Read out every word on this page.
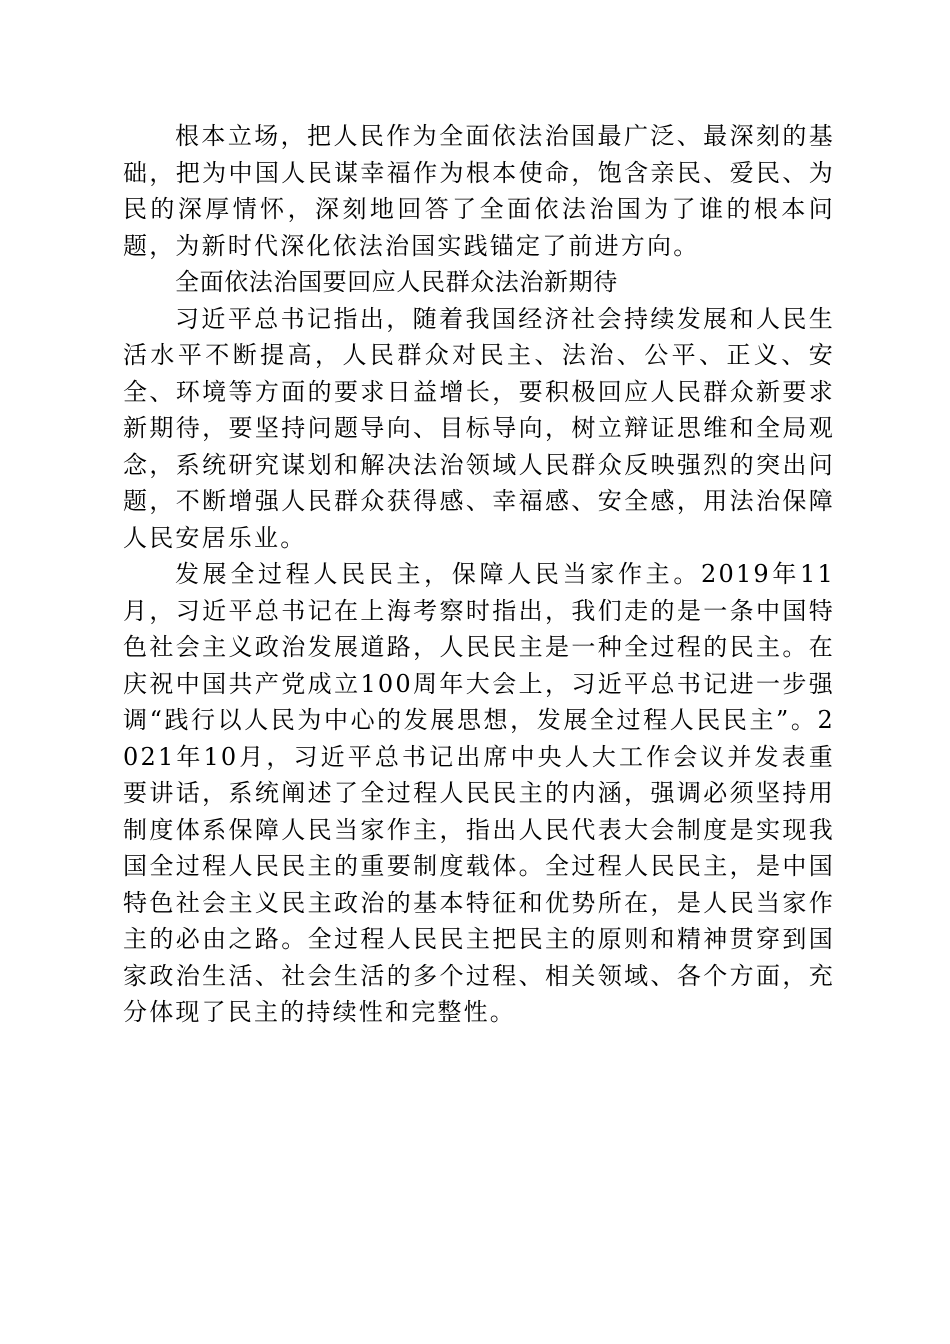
根本立场，把人民作为全面依法治国最广泛、最深刻的基础，把为中国人民谋幸福作为根本使命，饱含亲民、爱民、为民的深厚情怀，深刻地回答了全面依法治国为了谁的根本问题，为新时代深化依法治国实践锚定了前进方向。

全面依法治国要回应人民群众法治新期待

习近平总书记指出，随着我国经济社会持续发展和人民生活水平不断提高，人民群众对民主、法治、公平、正义、安全、环境等方面的要求日益增长，要积极回应人民群众新要求新期待，要坚持问题导向、目标导向，树立辩证思维和全局观念，系统研究谋划和解决法治领域人民群众反映强烈的突出问题，不断增强人民群众获得感、幸福感、安全感，用法治保障人民安居乐业。

发展全过程人民民主，保障人民当家作主。2019年11月，习近平总书记在上海考察时指出，我们走的是一条中国特色社会主义政治发展道路，人民民主是一种全过程的民主。在庆祝中国共产党成立100周年大会上，习近平总书记进一步强调“践行以人民为中心的发展思想，发展全过程人民民主”。2021年10月，习近平总书记出席中央人大工作会议并发表重要讲话，系统阐述了全过程人民民主的内涵，强调必须坚持用制度体系保障人民当家作主，指出人民代表大会制度是实现我国全过程人民民主的重要制度载体。全过程人民民主，是中国特色社会主义民主政治的基本特征和优势所在，是人民当家作主的必由之路。全过程人民民主把民主的原则和精神贯穿到国家政治生活、社会生活的多个过程、相关领域、各个方面，充分体现了民主的持续性和完整性。
